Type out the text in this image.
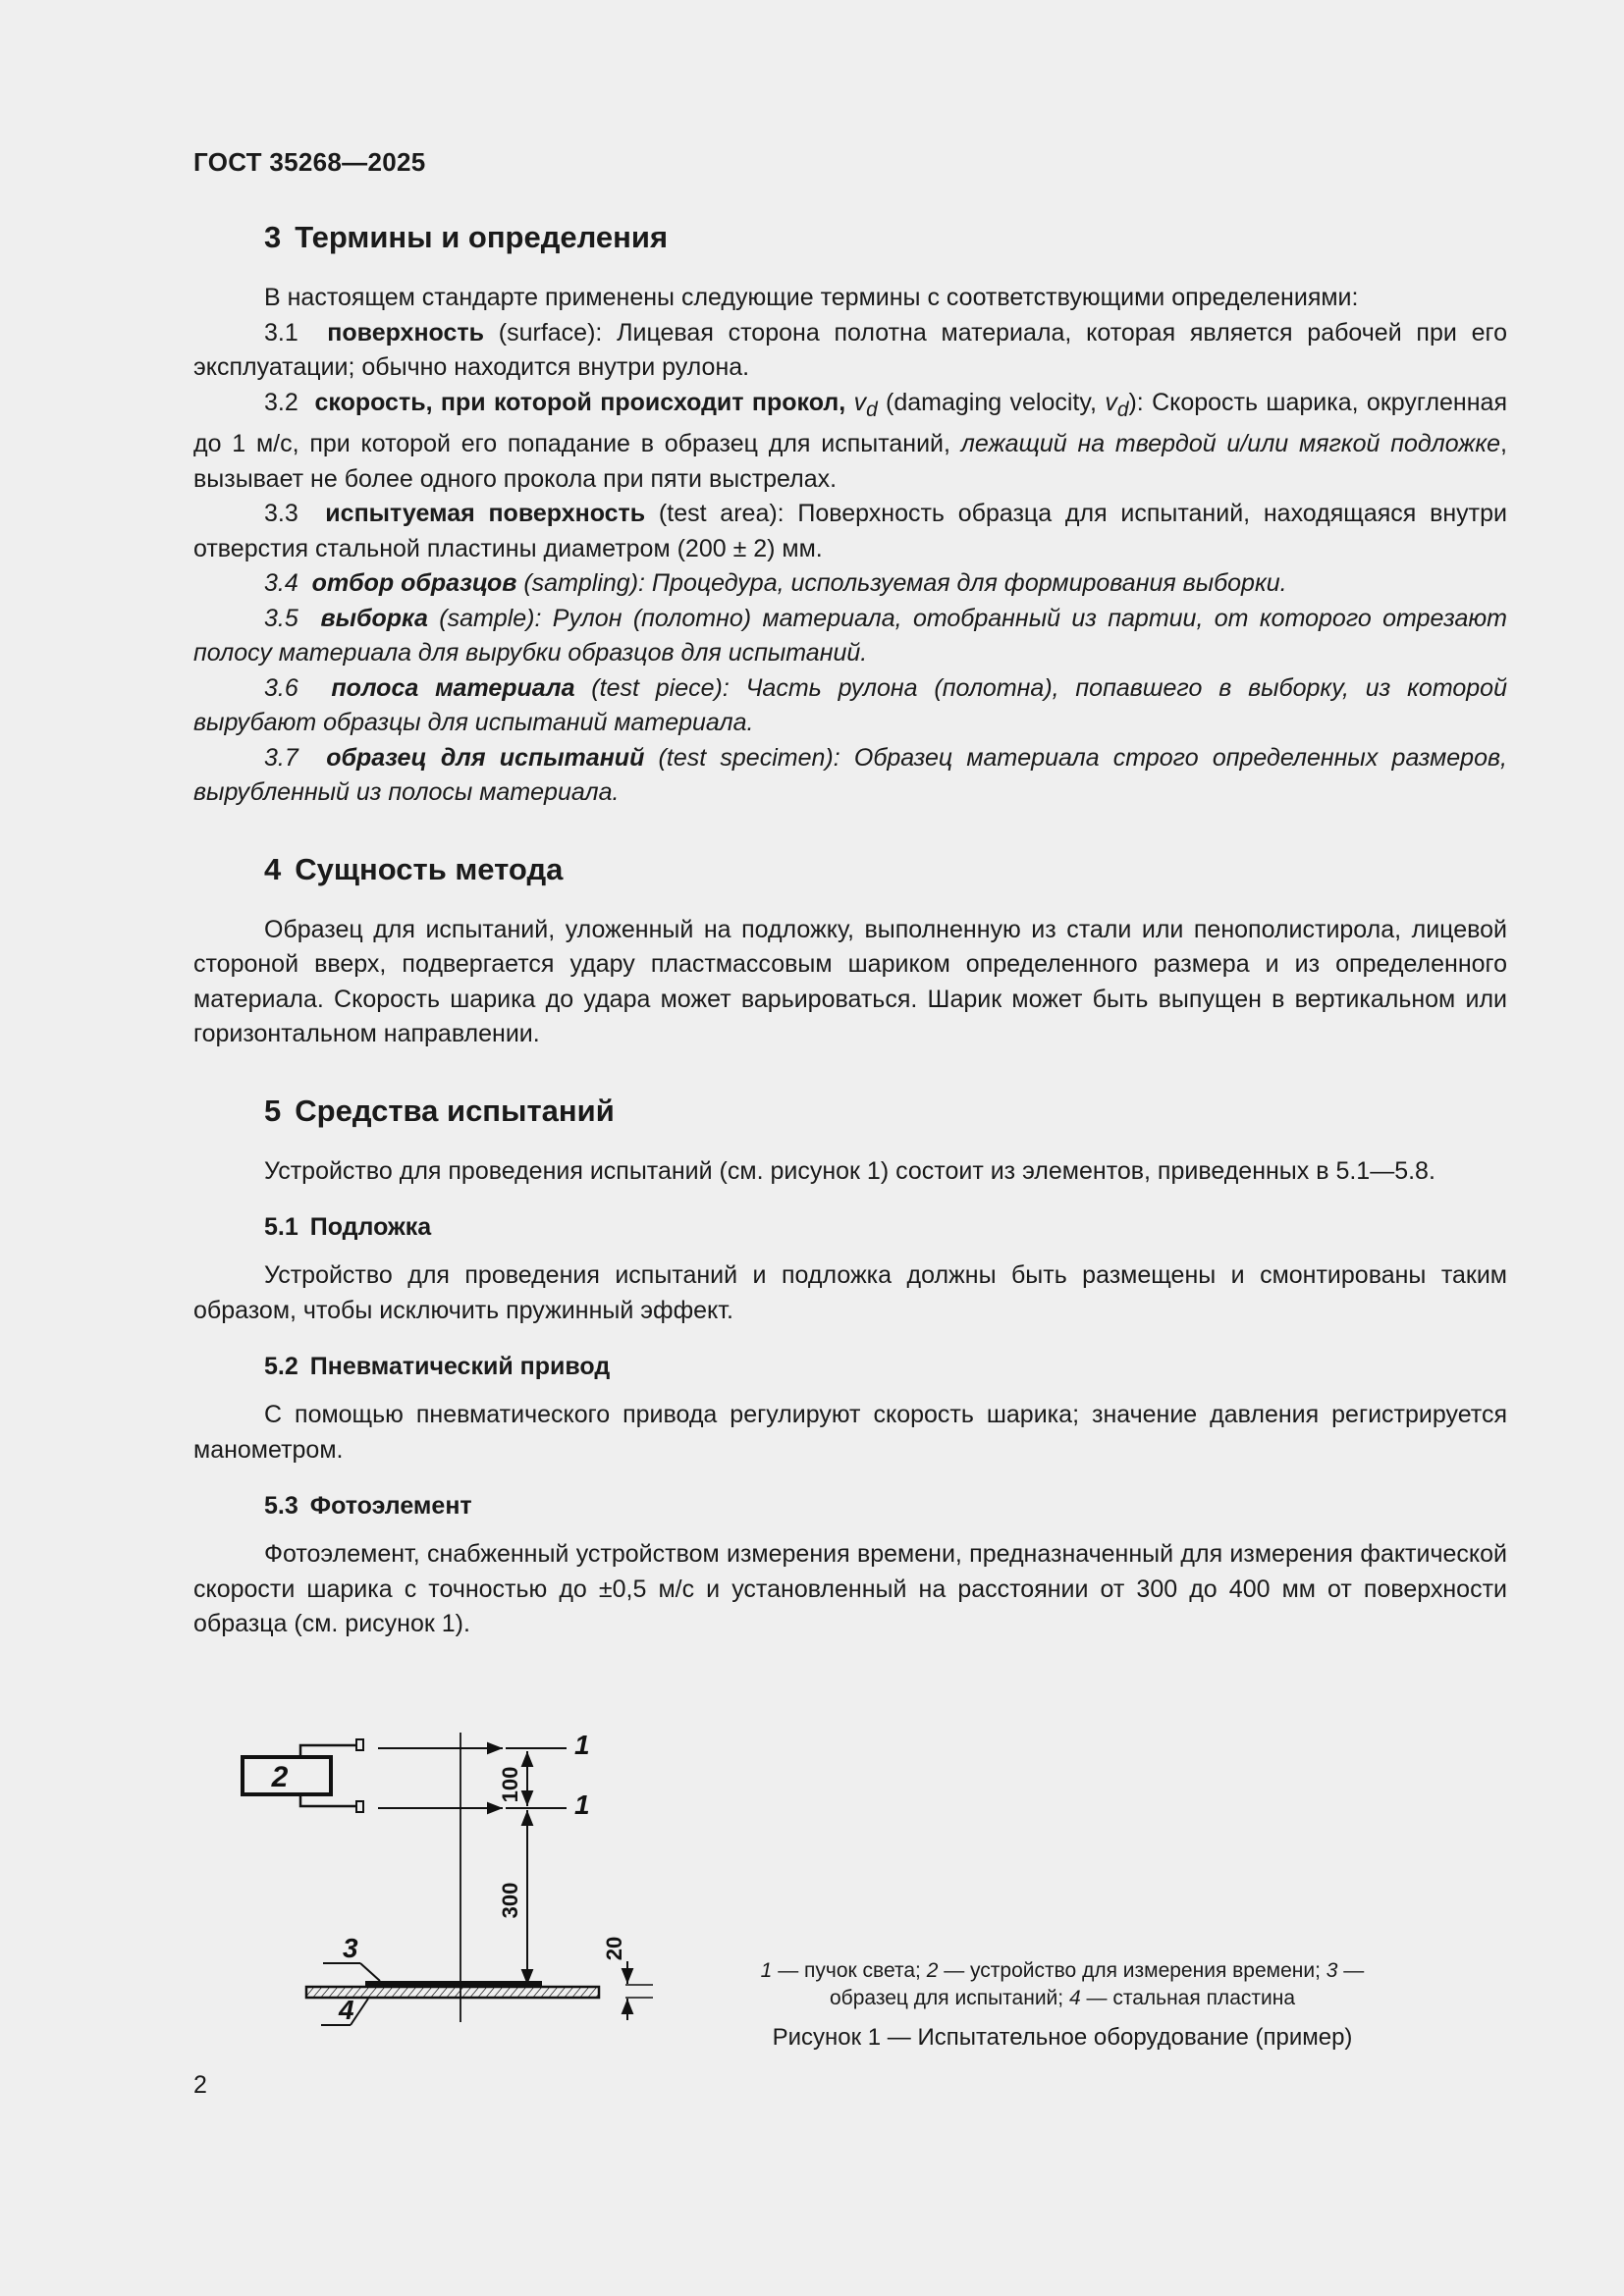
ГОСТ 35268—2025
3 Термины и определения

В настоящем стандарте применены следующие термины с соответствующими определениями:

3.1 поверхность (surface): Лицевая сторона полотна материала, которая является рабочей при его эксплуатации; обычно находится внутри рулона.

3.2 скорость, при которой происходит прокол, $v_d$ (damaging velocity, $v_d$): Скорость шарика, округленная до 1 м/с, при которой его попадание в образец для испытаний, лежащий на твердой и/или мягкой подложке, вызывает не более одного прокола при пяти выстрелах.

3.3 испытуемая поверхность (test area): Поверхность образца для испытаний, находящаяся внутри отверстия стальной пластины диаметром (200 ± 2) мм.

3.4 отбор образцов (sampling): Процедура, используемая для формирования выборки.

3.5 выборка (sample): Рулон (полотно) материала, отобранный из партии, от которого отрезают полосу материала для вырубки образцов для испытаний.

3.6 полоса материала (test piece): Часть рулона (полотна), попавшего в выборку, из которой вырубают образцы для испытаний материала.

3.7 образец для испытаний (test specimen): Образец материала строго определенных размеров, вырубленный из полосы материала.

4 Сущность метода

Образец для испытаний, уложенный на подложку, выполненную из стали или пенополистирола, лицевой стороной вверх, подвергается удару пластмассовым шариком определенного размера и из определенного материала. Скорость шарика до удара может варьироваться. Шарик может быть выпущен в вертикальном или горизонтальном направлении.

5 Средства испытаний

Устройство для проведения испытаний (см. рисунок 1) состоит из элементов, приведенных в 5.1—5.8.

5.1 Подложка

Устройство для проведения испытаний и подложка должны быть размещены и смонтированы таким образом, чтобы исключить пружинный эффект.

5.2 Пневматический привод

С помощью пневматического привода регулируют скорость шарика; значение давления регистрируется манометром.

5.3 Фотоэлемент

Фотоэлемент, снабженный устройством измерения времени, предназначенный для измерения фактической скорости шарика с точностью до ±0,5 м/с и установленный на расстоянии от 300 до 400 мм от поверхности образца (см. рисунок 1).

2
1
1
100
300
20
3
4
1 — пучок света; 2 — устройство для измерения времени; 3 — образец для испытаний; 4 — стальная пластина
Рисунок 1 — Испытательное оборудование (пример)
2
